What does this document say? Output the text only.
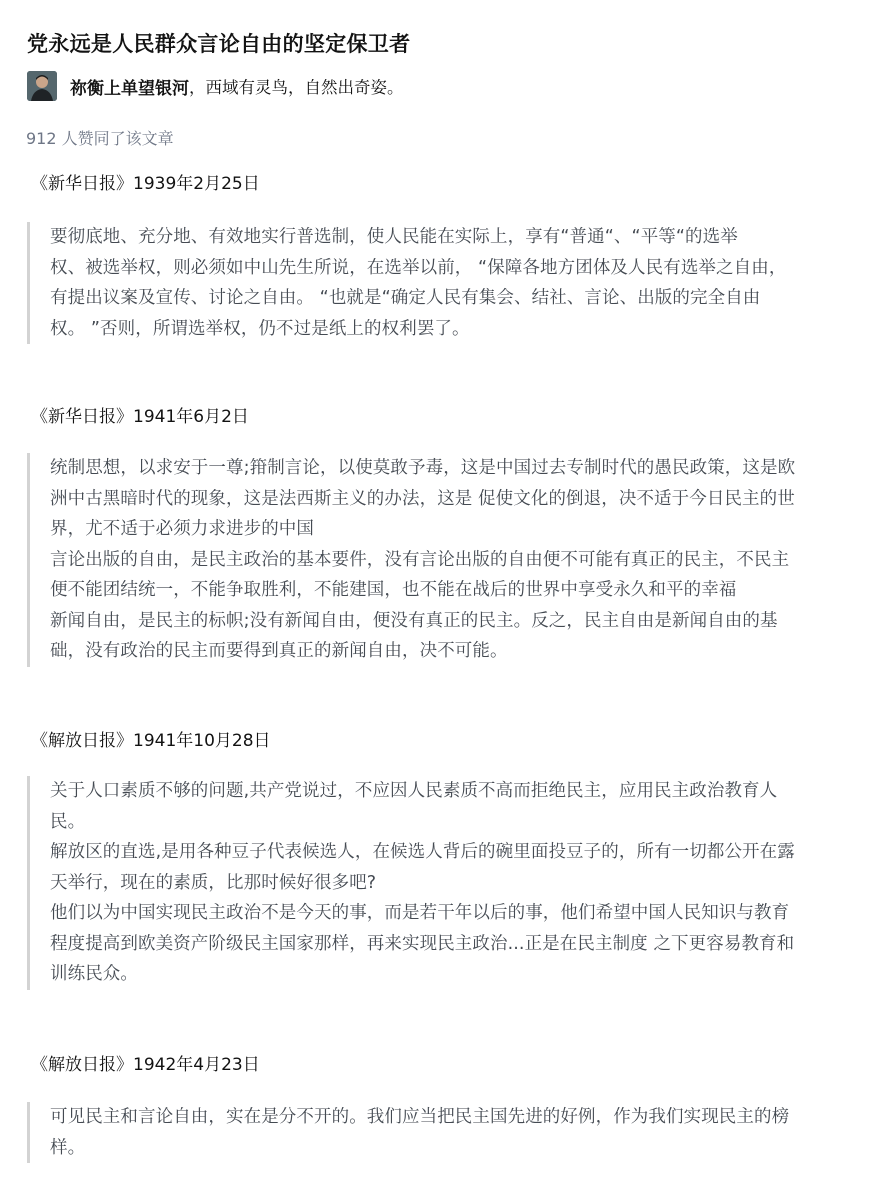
党永远是人民群众言论自由的坚定保卫者
祢衡上单望银河 ，西域有灵鸟，自然出奇姿。
912 人赞同了该文章
《新华日报》1939年2月25日
要彻底地、充分地、有效地实行普选制，使人民能在实际上，享有“普通“、“平等“的选举
权、被选举权，则必须如中山先生所说，在选举以前， “保障各地方团体及人民有选举之自由，
有提出议案及宣传、讨论之自由。 “也就是“确定人民有集会、结社、言论、出版的完全自由
权。 ”否则，所谓选举权，仍不过是纸上的权利罢了。
《新华日报》1941年6月2日
统制思想，以求安于一尊;箝制言论，以使莫敢予毒，这是中国过去专制时代的愚民政策，这是欧
洲中古黑暗时代的现象，这是法西斯主义的办法，这是 促使文化的倒退，决不适于今日民主的世
界，尤不适于必须力求进步的中国
言论出版的自由，是民主政治的基本要件，没有言论出版的自由便不可能有真正的民主，不民主
便不能团结统一，不能争取胜利，不能建国，也不能在战后的世界中享受永久和平的幸福
新闻自由，是民主的标帜;没有新闻自由，便没有真正的民主。反之，民主自由是新闻自由的基
础，没有政治的民主而要得到真正的新闻自由，决不可能。
《解放日报》1941年10月28日
关于人口素质不够的问题,共产党说过，不应因人民素质不高而拒绝民主，应用民主政治教育人
民。
解放区的直选,是用各种豆子代表候选人，在候选人背后的碗里面投豆子的，所有一切都公开在露
天举行，现在的素质，比那时候好很多吧?
他们以为中国实现民主政治不是今天的事，而是若干年以后的事，他们希望中国人民知识与教育
程度提高到欧美资产阶级民主国家那样，再来实现民主政治...正是在民主制度 之下更容易教育和
训练民众。
《解放日报》1942年4月23日
可见民主和言论自由，实在是分不开的。我们应当把民主国先进的好例，作为我们实现民主的榜
样。
